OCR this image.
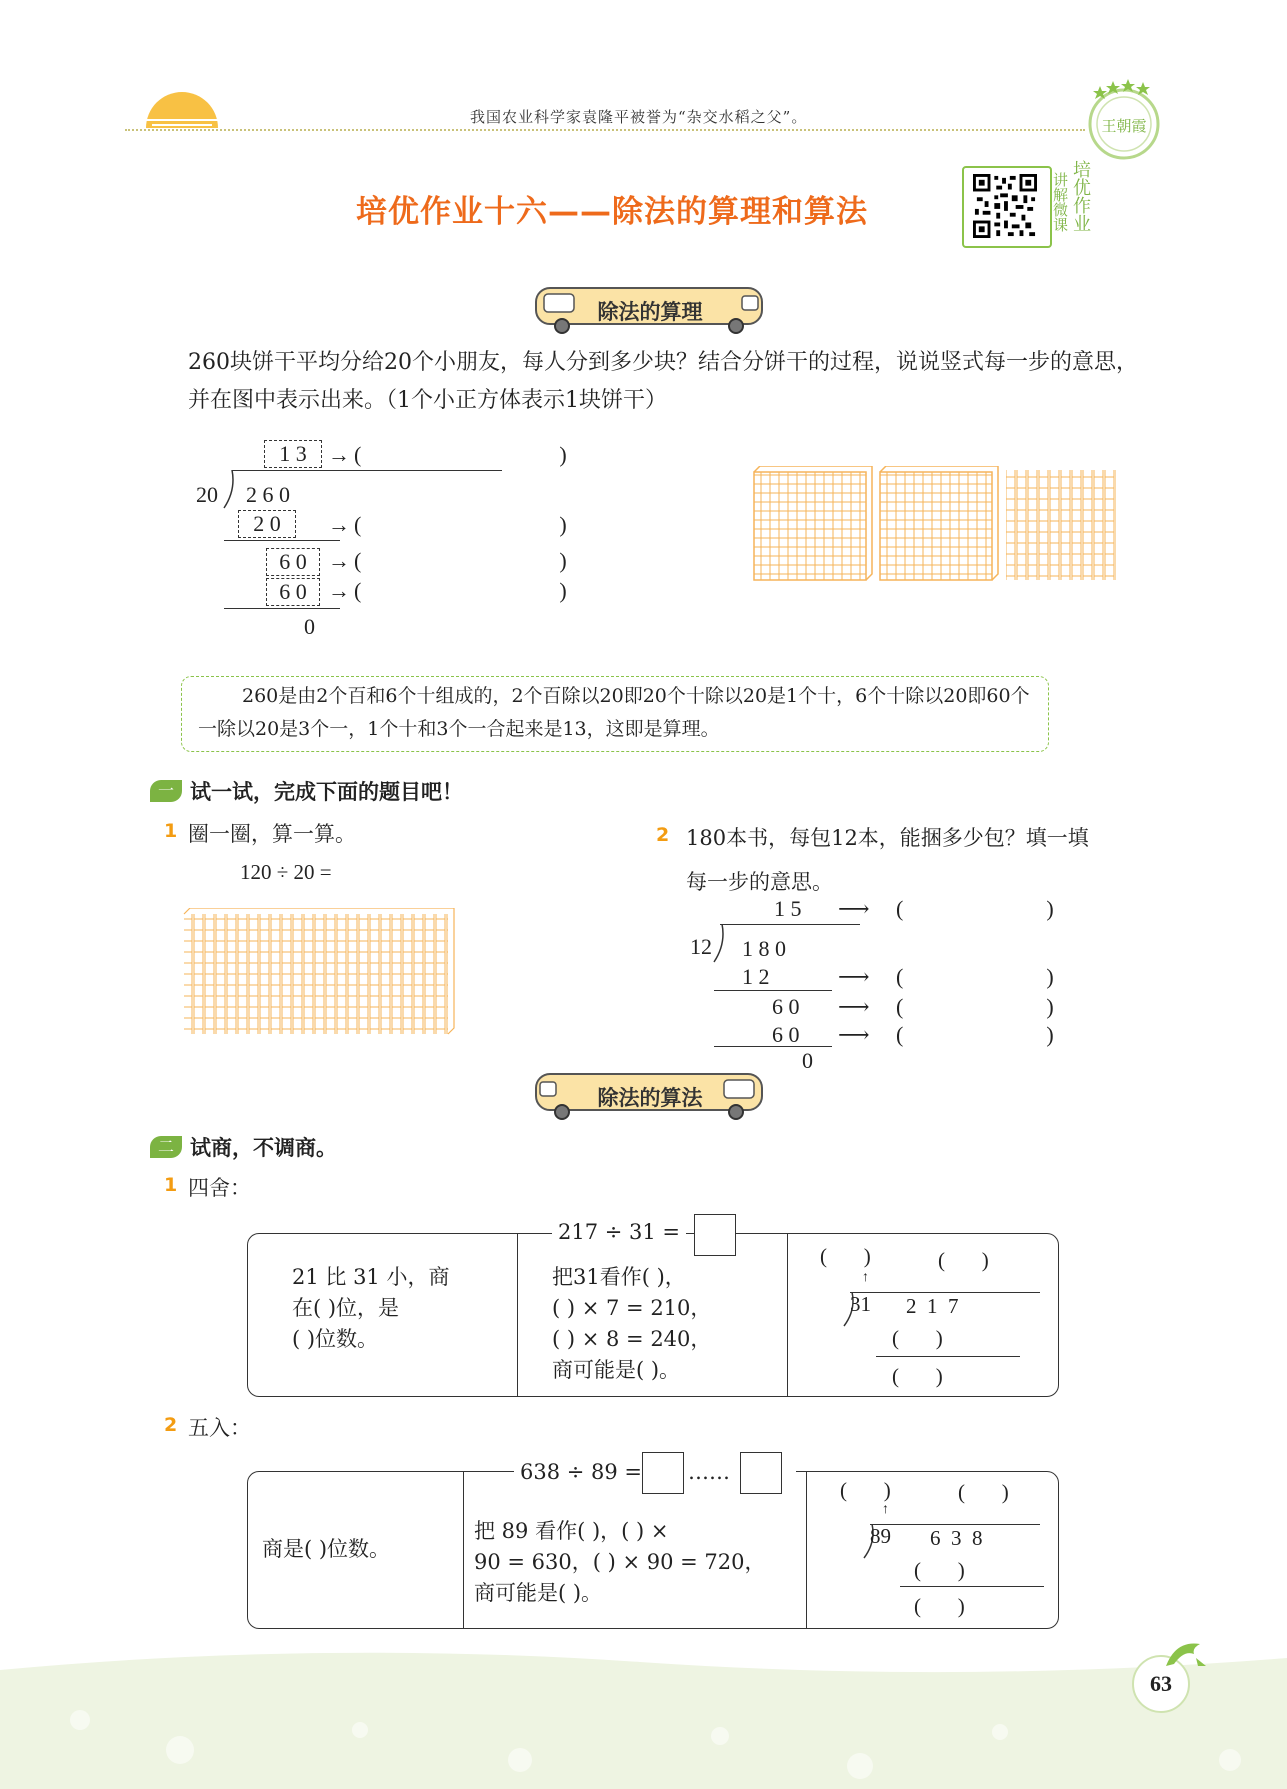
我国农业科学家袁隆平被誉为“杂交水稻之父”。	王朝霞
培优作业十六——除法的算理和算法	讲解微课 培优作业
除法的算理
260块饼干平均分给20个小朋友，每人分到多少块？结合分饼干的过程，说说竖式每一步的意思，并在图中表示出来。（1个小正方体表示1块饼干）
1 3 → (                                    )
20 2 6 0
2 0	→ (                                    )
6 0 → (                                    )
6 0 → (                                    )
0
260是由2个百和6个十组成的，2个百除以20即20个十除以20是1个十，6个十除以20即60个一除以20是3个一，1个十和3个一合起来是13，这即是算理。
一 试一试，完成下面的题目吧！
1 圈一圈，算一算。
120 ÷ 20 =
2 180本书，每包12本，能捆多少包？填一填
每一步的意思。
1 5 ⟶ (                          )
12 1 8 0
1 2	⟶ (                          )
6 0 ⟶ (                          )
6 0 ⟶ (                          )
0
除法的算法
二 试商，不调商。
1 四舍：
217 ÷ 31 =
21 比 31 小，商
在( )位，是
( )位数。
把31看作( )，
( ) × 7 = 210，
( ) × 8 = 240，
商可能是( )。
(       )	(       )
↑
31 2  1  7
(       )
(       )
2 五入：
638 ÷ 89 = ……
商是( )位数。
把 89 看作( )，( ) ×
90 = 630，( ) × 90 = 720，
商可能是( )。
(       )	(       )
↑
89 6  3  8
(       )
(       )
63
